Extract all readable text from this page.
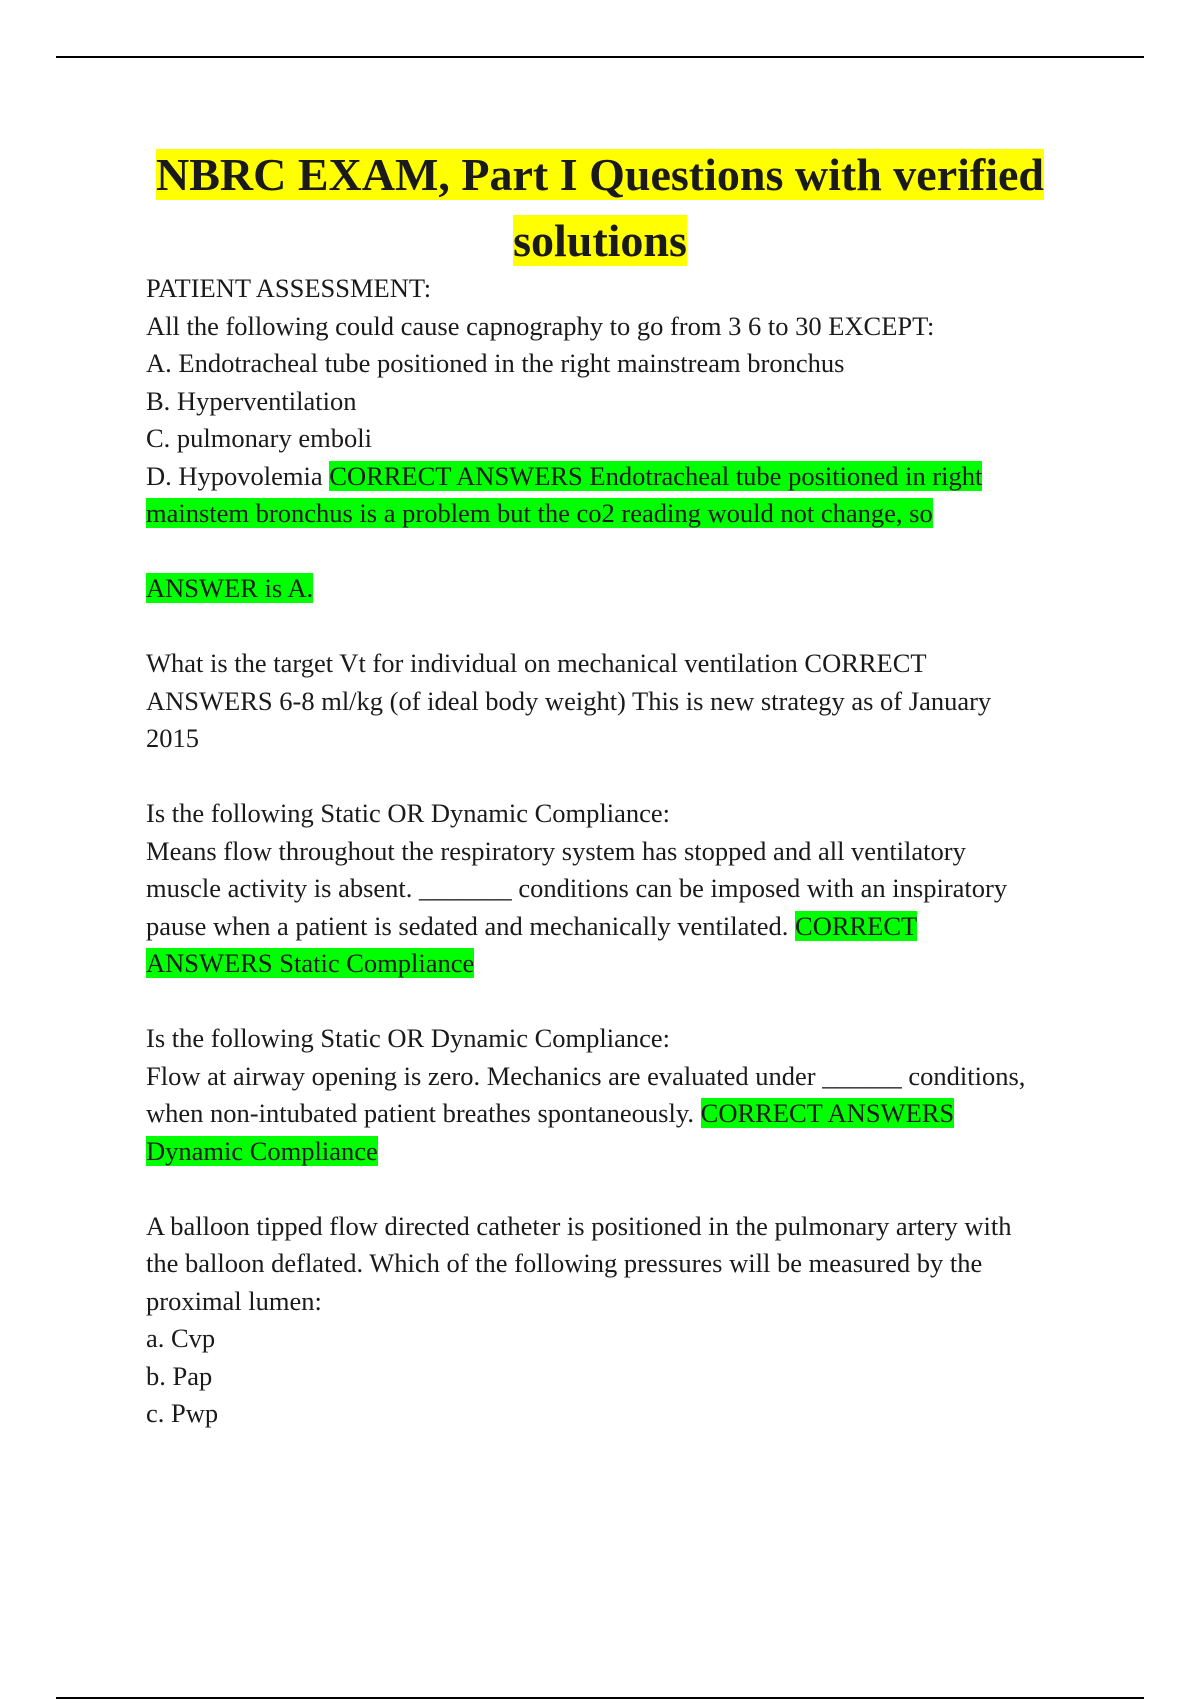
NBRC EXAM, Part I Questions with verified
solutions

PATIENT ASSESSMENT:

All the following could cause capnography to go from 3 6 to 30 EXCEPT:

A. Endotracheal tube positioned in the right mainstream bronchus

B. Hyperventilation

C. pulmonary emboli

D. Hypovolemia CORRECT ANSWERS Endotracheal tube positioned in right

mainstem bronchus is a problem but the co2 reading would not change, so

ANSWER is A.

What is the target Vt for individual on mechanical ventilation CORRECT

ANSWERS 6-8 ml/kg (of ideal body weight) This is new strategy as of January

2015

Is the following Static OR Dynamic Compliance:

Means flow throughout the respiratory system has stopped and all ventilatory

muscle activity is absent. _______ conditions can be imposed with an inspiratory

pause when a patient is sedated and mechanically ventilated. CORRECT

ANSWERS Static Compliance

Is the following Static OR Dynamic Compliance:

Flow at airway opening is zero. Mechanics are evaluated under ______ conditions,

when non-intubated patient breathes spontaneously. CORRECT ANSWERS

Dynamic Compliance

A balloon tipped flow directed catheter is positioned in the pulmonary artery with

the balloon deflated. Which of the following pressures will be measured by the

proximal lumen:

a. Cvp

b. Pap

c. Pwp
